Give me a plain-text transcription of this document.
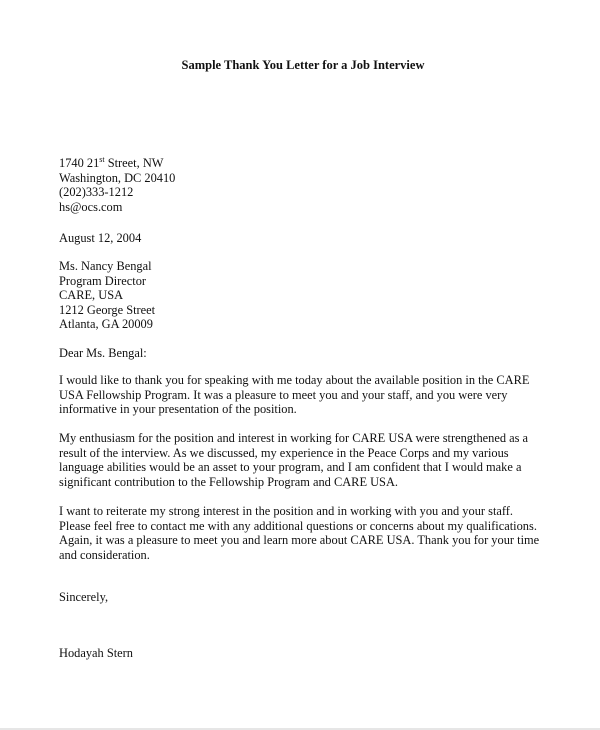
Sample Thank You Letter for a Job Interview
1740 21st Street, NW
Washington, DC 20410
(202)333-1212
hs@ocs.com
August 12, 2004
Ms. Nancy Bengal
Program Director
CARE, USA
1212 George Street
Atlanta, GA 20009
Dear Ms. Bengal:
I would like to thank you for speaking with me today about the available position in the CARE
USA Fellowship Program. It was a pleasure to meet you and your staff, and you were very
informative in your presentation of the position.
My enthusiasm for the position and interest in working for CARE USA were strengthened as a
result of the interview. As we discussed, my experience in the Peace Corps and my various
language abilities would be an asset to your program, and I am confident that I would make a
significant contribution to the Fellowship Program and CARE USA.
I want to reiterate my strong interest in the position and in working with you and your staff.
Please feel free to contact me with any additional questions or concerns about my qualifications.
Again, it was a pleasure to meet you and learn more about CARE USA. Thank you for your time
and consideration.
Sincerely,
Hodayah Stern
